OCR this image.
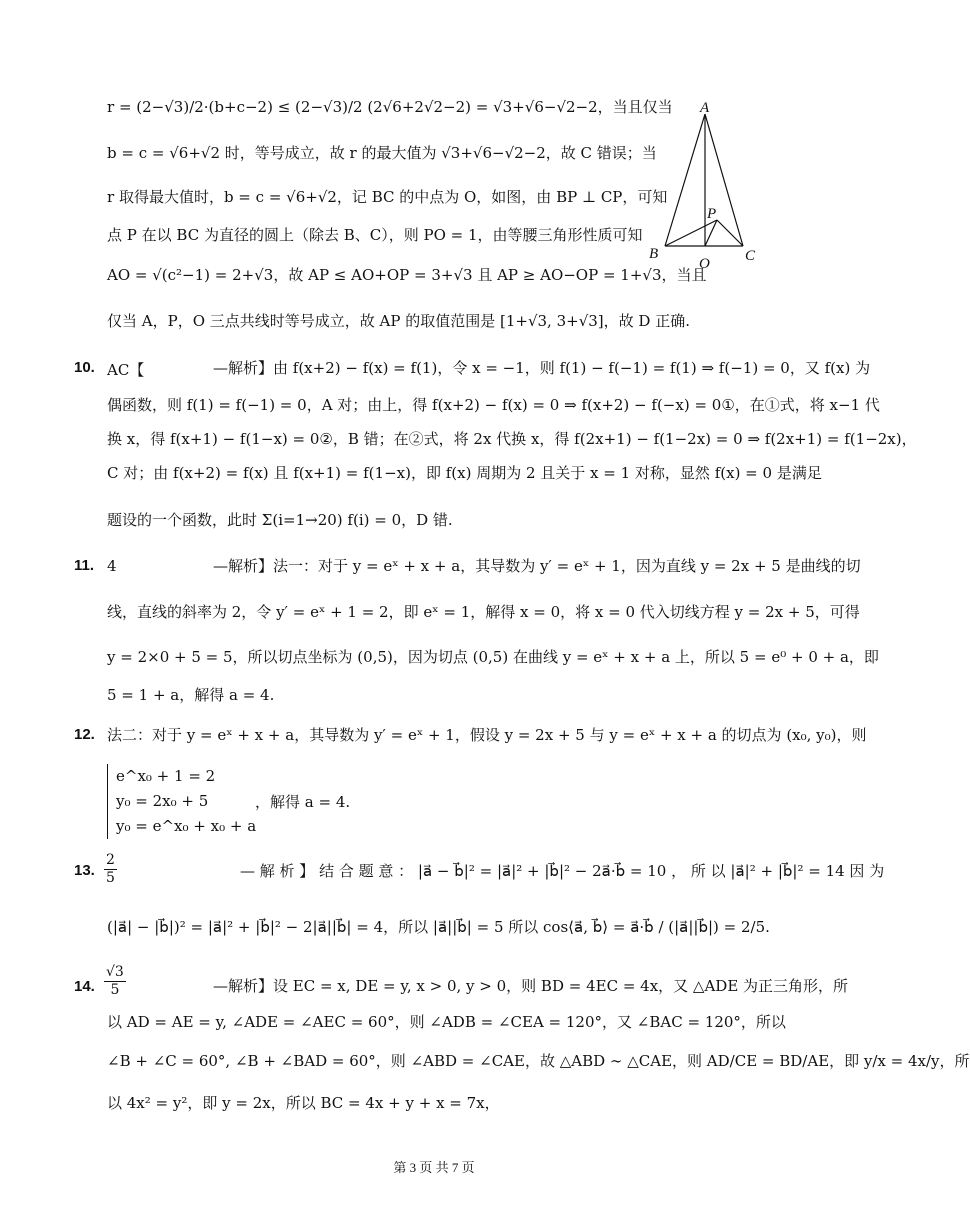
r = (2−√3)/2·(b+c−2) ≤ (2−√3)/2 (2√6+2√2−2) = √3+√6−√2−2，当且仅当
b = c = √6+√2 时，等号成立，故 r 的最大值为 √3+√6−√2−2，故 C 错误；当
r 取得最大值时，b = c = √6+√2，记 BC 的中点为 O，如图，由 BP ⊥ CP，可知
点 P 在以 BC 为直径的圆上（除去 B、C），则 PO = 1，由等腰三角形性质可知
AO = √(c²−1) = 2+√3，故 AP ≤ AO+OP = 3+√3 且 AP ≥ AO−OP = 1+√3，当且
仅当 A，P，O 三点共线时等号成立，故 AP 的取值范围是 [1+√3, 3+√3]，故 D 正确.
A
B	C
O
P
10. AC【	—解析】由 f(x+2) − f(x) = f(1)，令 x = −1，则 f(1) − f(−1) = f(1) ⇒ f(−1) = 0，又 f(x) 为
偶函数，则 f(1) = f(−1) = 0，A 对；由上，得 f(x+2) − f(x) = 0 ⇒ f(x+2) − f(−x) = 0①，在①式，将 x−1 代
换 x，得 f(x+1) − f(1−x) = 0②，B 错；在②式，将 2x 代换 x，得 f(2x+1) − f(1−2x) = 0 ⇒ f(2x+1) = f(1−2x)，
C 对；由 f(x+2) = f(x) 且 f(x+1) = f(1−x)，即 f(x) 周期为 2 且关于 x = 1 对称，显然 f(x) = 0 是满足
题设的一个函数，此时 Σ(i=1→20) f(i) = 0，D 错.
11. 4	—解析】法一：对于 y = eˣ + x + a，其导数为 y′ = eˣ + 1，因为直线 y = 2x + 5 是曲线的切
线，直线的斜率为 2，令 y′ = eˣ + 1 = 2，即 eˣ = 1，解得 x = 0，将 x = 0 代入切线方程 y = 2x + 5，可得
y = 2×0 + 5 = 5，所以切点坐标为 (0,5)，因为切点 (0,5) 在曲线 y = eˣ + x + a 上，所以 5 = e⁰ + 0 + a，即
5 = 1 + a，解得 a = 4.
12. 法二：对于 y = eˣ + x + a，其导数为 y′ = eˣ + 1，假设 y = 2x + 5 与 y = eˣ + x + a 的切点为 (x₀, y₀)，则
e^x₀ + 1 = 2
y₀ = 2x₀ + 5
y₀ = e^x₀ + x₀ + a
，解得 a = 4.
13. $\frac{2}{5}$	— 解 析 】 结 合 题 意 ： |a⃗ − b⃗|² = |a⃗|² + |b⃗|² − 2a⃗·b⃗ = 10 ， 所 以 |a⃗|² + |b⃗|² = 14 因 为
(|a⃗| − |b⃗|)² = |a⃗|² + |b⃗|² − 2|a⃗||b⃗| = 4，所以 |a⃗||b⃗| = 5 所以 cos⟨a⃗, b⃗⟩ = a⃗·b⃗ / (|a⃗||b⃗|) = 2/5.
14. $\frac{√3}{5}$	—解析】设 EC = x, DE = y, x > 0, y > 0，则 BD = 4EC = 4x，又 △ADE 为正三角形，所
以 AD = AE = y, ∠ADE = ∠AEC = 60°，则 ∠ADB = ∠CEA = 120°，又 ∠BAC = 120°，所以
∠B + ∠C = 60°, ∠B + ∠BAD = 60°，则 ∠ABD = ∠CAE，故 △ABD ∼ △CAE，则 AD/CE = BD/AE，即 y/x = 4x/y，所
以 4x² = y²，即 y = 2x，所以 BC = 4x + y + x = 7x，
第 3 页 共 7 页
